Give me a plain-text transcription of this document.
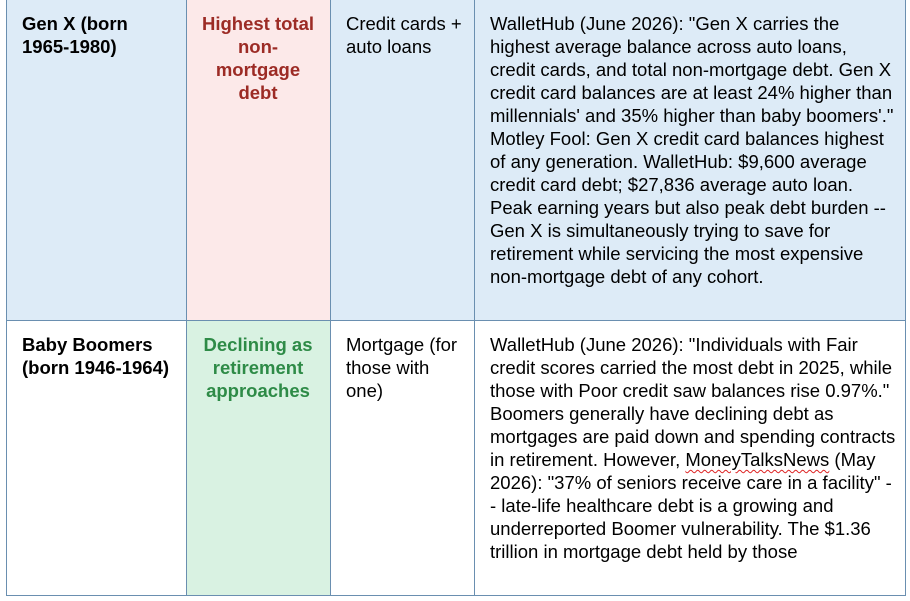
Gen X (born 1965-1980)
Highest total non-mortgage debt
Credit cards + auto loans
WalletHub (June 2026): "Gen X carries the highest average balance across auto loans, credit cards, and total non-mortgage debt. Gen X credit card balances are at least 24% higher than millennials' and 35% higher than baby boomers'." Motley Fool: Gen X credit card balances highest of any generation. WalletHub: $9,600 average credit card debt; $27,836 average auto loan. Peak earning years but also peak debt burden -- Gen X is simultaneously trying to save for retirement while servicing the most expensive non-mortgage debt of any cohort.
Baby Boomers (born 1946-1964)
Declining as retirement approaches
Mortgage (for those with one)
WalletHub (June 2026): "Individuals with Fair credit scores carried the most debt in 2025, while those with Poor credit saw balances rise 0.97%." Boomers generally have declining debt as mortgages are paid down and spending contracts in retirement. However, MoneyTalksNews (May 2026): "37% of seniors receive care in a facility" -- late-life healthcare debt is a growing and underreported Boomer vulnerability. The $1.36 trillion in mortgage debt held by those
